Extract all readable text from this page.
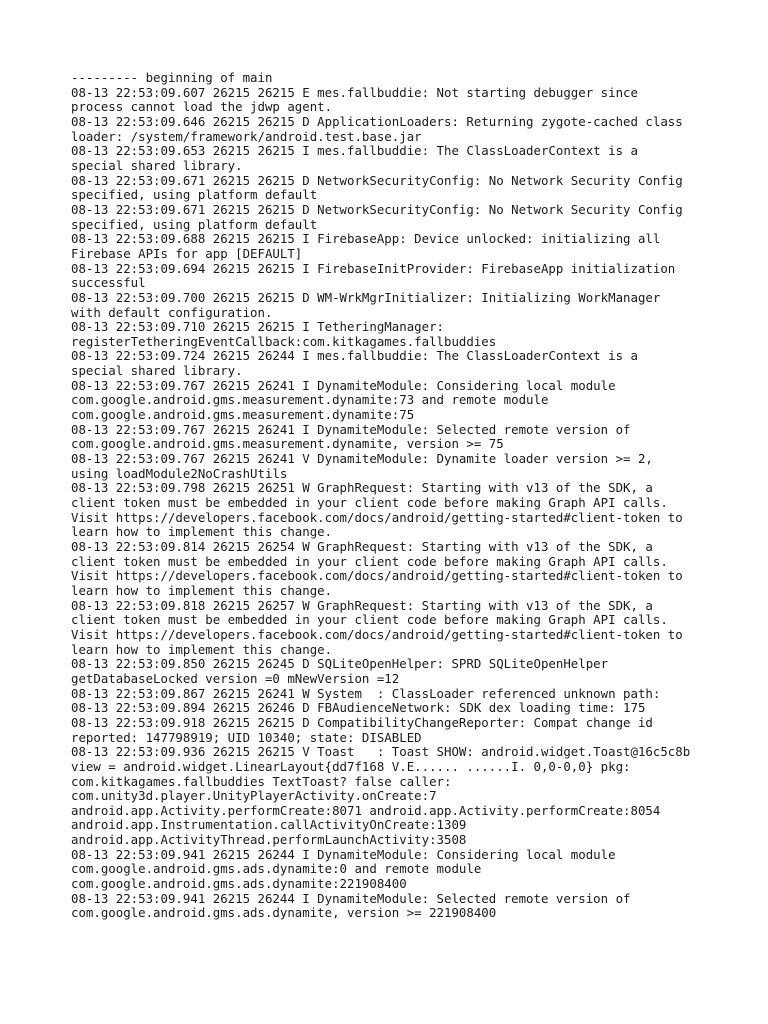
--------- beginning of main
08-13 22:53:09.607 26215 26215 E mes.fallbuddie: Not starting debugger since
process cannot load the jdwp agent.
08-13 22:53:09.646 26215 26215 D ApplicationLoaders: Returning zygote-cached class
loader: /system/framework/android.test.base.jar
08-13 22:53:09.653 26215 26215 I mes.fallbuddie: The ClassLoaderContext is a
special shared library.
08-13 22:53:09.671 26215 26215 D NetworkSecurityConfig: No Network Security Config
specified, using platform default
08-13 22:53:09.671 26215 26215 D NetworkSecurityConfig: No Network Security Config
specified, using platform default
08-13 22:53:09.688 26215 26215 I FirebaseApp: Device unlocked: initializing all
Firebase APIs for app [DEFAULT]
08-13 22:53:09.694 26215 26215 I FirebaseInitProvider: FirebaseApp initialization
successful
08-13 22:53:09.700 26215 26215 D WM-WrkMgrInitializer: Initializing WorkManager
with default configuration.
08-13 22:53:09.710 26215 26215 I TetheringManager:
registerTetheringEventCallback:com.kitkagames.fallbuddies
08-13 22:53:09.724 26215 26244 I mes.fallbuddie: The ClassLoaderContext is a
special shared library.
08-13 22:53:09.767 26215 26241 I DynamiteModule: Considering local module
com.google.android.gms.measurement.dynamite:73 and remote module
com.google.android.gms.measurement.dynamite:75
08-13 22:53:09.767 26215 26241 I DynamiteModule: Selected remote version of
com.google.android.gms.measurement.dynamite, version >= 75
08-13 22:53:09.767 26215 26241 V DynamiteModule: Dynamite loader version >= 2,
using loadModule2NoCrashUtils
08-13 22:53:09.798 26215 26251 W GraphRequest: Starting with v13 of the SDK, a
client token must be embedded in your client code before making Graph API calls.
Visit https://developers.facebook.com/docs/android/getting-started#client-token to
learn how to implement this change.
08-13 22:53:09.814 26215 26254 W GraphRequest: Starting with v13 of the SDK, a
client token must be embedded in your client code before making Graph API calls.
Visit https://developers.facebook.com/docs/android/getting-started#client-token to
learn how to implement this change.
08-13 22:53:09.818 26215 26257 W GraphRequest: Starting with v13 of the SDK, a
client token must be embedded in your client code before making Graph API calls.
Visit https://developers.facebook.com/docs/android/getting-started#client-token to
learn how to implement this change.
08-13 22:53:09.850 26215 26245 D SQLiteOpenHelper: SPRD SQLiteOpenHelper
getDatabaseLocked version =0 mNewVersion =12
08-13 22:53:09.867 26215 26241 W System  : ClassLoader referenced unknown path:
08-13 22:53:09.894 26215 26246 D FBAudienceNetwork: SDK dex loading time: 175
08-13 22:53:09.918 26215 26215 D CompatibilityChangeReporter: Compat change id
reported: 147798919; UID 10340; state: DISABLED
08-13 22:53:09.936 26215 26215 V Toast   : Toast SHOW: android.widget.Toast@16c5c8b
view = android.widget.LinearLayout{dd7f168 V.E...... ......I. 0,0-0,0} pkg:
com.kitkagames.fallbuddies TextToast? false caller:
com.unity3d.player.UnityPlayerActivity.onCreate:7
android.app.Activity.performCreate:8071 android.app.Activity.performCreate:8054
android.app.Instrumentation.callActivityOnCreate:1309
android.app.ActivityThread.performLaunchActivity:3508
08-13 22:53:09.941 26215 26244 I DynamiteModule: Considering local module
com.google.android.gms.ads.dynamite:0 and remote module
com.google.android.gms.ads.dynamite:221908400
08-13 22:53:09.941 26215 26244 I DynamiteModule: Selected remote version of
com.google.android.gms.ads.dynamite, version >= 221908400
